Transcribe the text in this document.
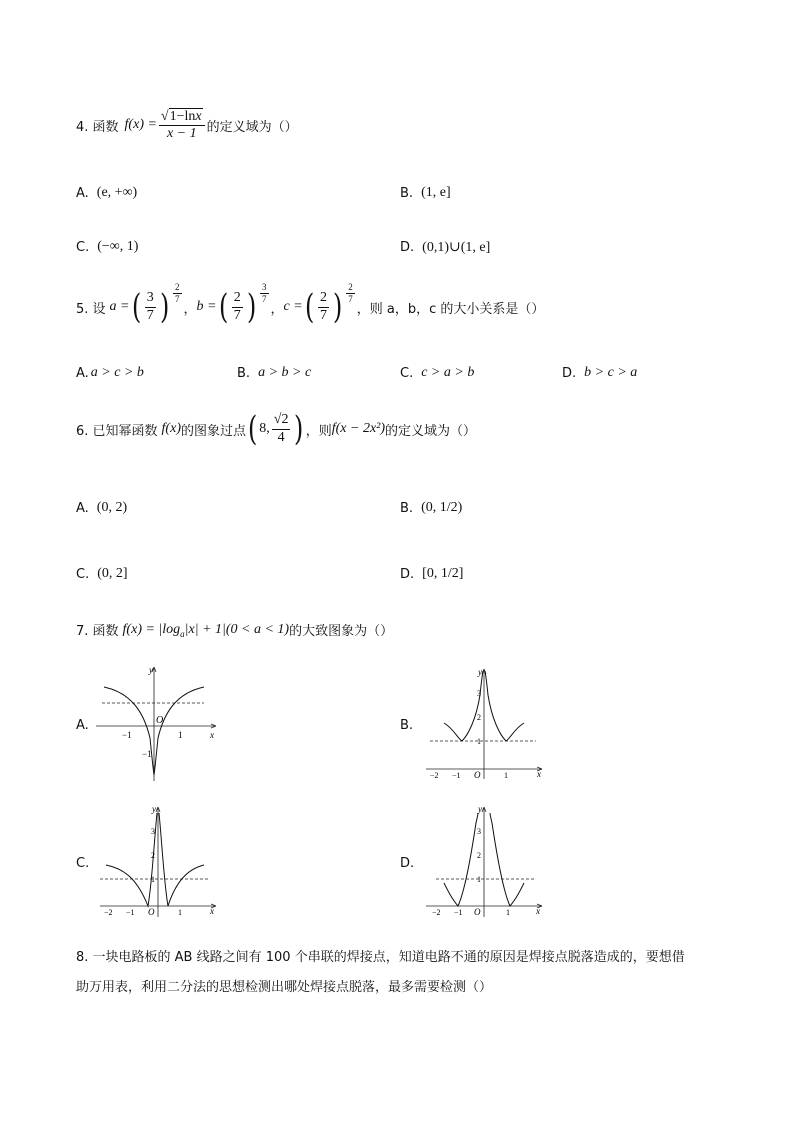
4. 函数 $f(x) = \frac{√ 1-\ln x}{x - 1}$ 的定义域为（）
A. (e, +∞)	B. (1, e]
C. (−∞, 1)	D. (0,1)∪(1, e]
5. 设 a = ( $\frac{3}{7}$ ) $\frac{2}{7}$
， b = ( $\frac{2}{7}$ ) $\frac{3}{7}$
， c = ( $\frac{2}{7}$ ) $\frac{2}{7}$
，则 a，b，c 的大小关系是（）
A. a > c > b	B. a > b > c	C. c > a > b	D. b > c > a
6. 已知幂函数 f(x) 的图象过点 ( 8, $\frac{√2}{4}$ ) ，则 f(x − 2x²) 的定义域为（）
A. (0, 2)	B. (0, 1/2)
C. (0, 2]	D. [0, 1/2]
7. 函数 f(x) = |log a |x| + 1|(0 < a < 1) 的大致图象为（）
A.
y
x
O
−1	1
−1
B.
y
x
O
−2 −1	1
1
2
3
C.
y
x
O
−2 −1	1
1
2
3
D.
y
x
O
−2 −1	1
1
2
3
8. 一块电路板的 AB 线路之间有 100 个串联的焊接点，知道电路不通的原因是焊接点脱落造成的，要想借
助万用表，利用二分法的思想检测出哪处焊接点脱落，最多需要检测（）
